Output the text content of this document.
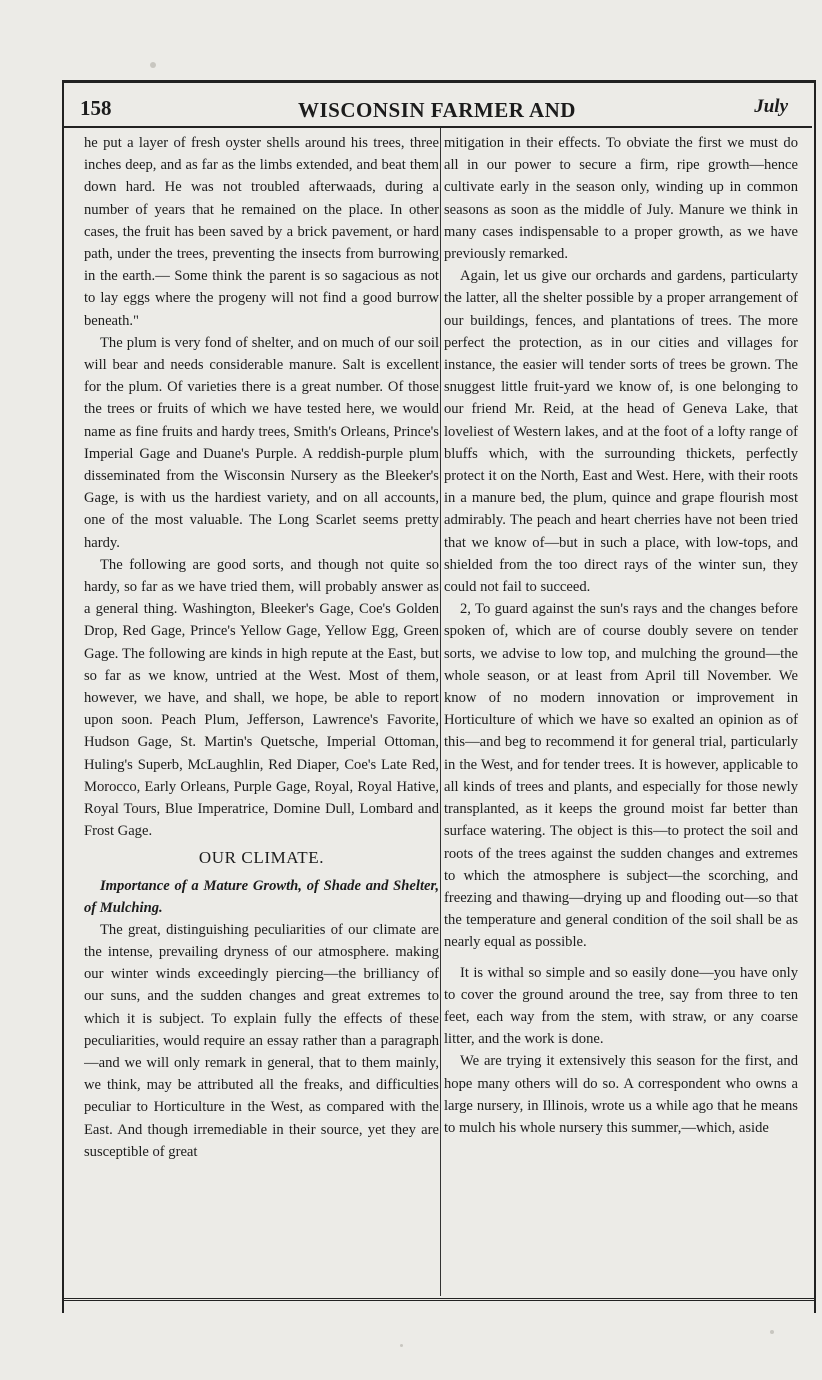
158	WISCONSIN FARMER AND	July

he put a layer of fresh oyster shells around his trees, three inches deep, and as far as the limbs extended, and beat them down hard. He was not troubled afterwaads, during a number of years that he remained on the place. In other cases, the fruit has been saved by a brick pavement, or hard path, under the trees, preventing the insects from burrowing in the earth.— Some think the parent is so sagacious as not to lay eggs where the progeny will not find a good burrow beneath."

The plum is very fond of shelter, and on much of our soil will bear and needs considerable manure. Salt is excellent for the plum. Of varieties there is a great number. Of those the trees or fruits of which we have tested here, we would name as fine fruits and hardy trees, Smith's Orleans, Prince's Imperial Gage and Duane's Purple. A reddish-purple plum disseminated from the Wisconsin Nursery as the Bleeker's Gage, is with us the hardiest variety, and on all accounts, one of the most valuable. The Long Scarlet seems pretty hardy.

The following are good sorts, and though not quite so hardy, so far as we have tried them, will probably answer as a general thing. Washington, Bleeker's Gage, Coe's Golden Drop, Red Gage, Prince's Yellow Gage, Yellow Egg, Green Gage. The following are kinds in high repute at the East, but so far as we know, untried at the West. Most of them, however, we have, and shall, we hope, be able to report upon soon. Peach Plum, Jefferson, Lawrence's Favorite, Hudson Gage, St. Martin's Quetsche, Imperial Ottoman, Huling's Superb, McLaughlin, Red Diaper, Coe's Late Red, Morocco, Early Orleans, Purple Gage, Royal, Royal Hative, Royal Tours, Blue Imperatrice, Domine Dull, Lombard and Frost Gage.

OUR CLIMATE.

Importance of a Mature Growth, of Shade and Shelter, of Mulching.

The great, distinguishing peculiarities of our climate are the intense, prevailing dryness of our atmosphere. making our winter winds exceedingly piercing—the brilliancy of our suns, and the sudden changes and great extremes to which it is subject. To explain fully the effects of these peculiarities, would require an essay rather than a paragraph—and we will only remark in general, that to them mainly, we think, may be attributed all the freaks, and difficulties peculiar to Horticulture in the West, as compared with the East. And though irremediable in their source, yet they are susceptible of great

mitigation in their effects. To obviate the first we must do all in our power to secure a firm, ripe growth—hence cultivate early in the season only, winding up in common seasons as soon as the middle of July. Manure we think in many cases indispensable to a proper growth, as we have previously remarked.

Again, let us give our orchards and gardens, particularty the latter, all the shelter possible by a proper arrangement of our buildings, fences, and plantations of trees. The more perfect the protection, as in our cities and villages for instance, the easier will tender sorts of trees be grown. The snuggest little fruit-yard we know of, is one belonging to our friend Mr. Reid, at the head of Geneva Lake, that loveliest of Western lakes, and at the foot of a lofty range of bluffs which, with the surrounding thickets, perfectly protect it on the North, East and West. Here, with their roots in a manure bed, the plum, quince and grape flourish most admirably. The peach and heart cherries have not been tried that we know of—but in such a place, with low-tops, and shielded from the too direct rays of the winter sun, they could not fail to succeed.

2, To guard against the sun's rays and the changes before spoken of, which are of course doubly severe on tender sorts, we advise to low top, and mulching the ground—the whole season, or at least from April till November. We know of no modern innovation or improvement in Horticulture of which we have so exalted an opinion as of this—and beg to recommend it for general trial, particularly in the West, and for tender trees. It is however, applicable to all kinds of trees and plants, and especially for those newly transplanted, as it keeps the ground moist far better than surface watering. The object is this—to protect the soil and roots of the trees against the sudden changes and extremes to which the atmosphere is subject—the scorching, and freezing and thawing—drying up and flooding out—so that the temperature and general condition of the soil shall be as nearly equal as possible.

It is withal so simple and so easily done—you have only to cover the ground around the tree, say from three to ten feet, each way from the stem, with straw, or any coarse litter, and the work is done.

We are trying it extensively this season for the first, and hope many others will do so. A correspondent who owns a large nursery, in Illinois, wrote us a while ago that he means to mulch his whole nursery this summer,—which, aside
